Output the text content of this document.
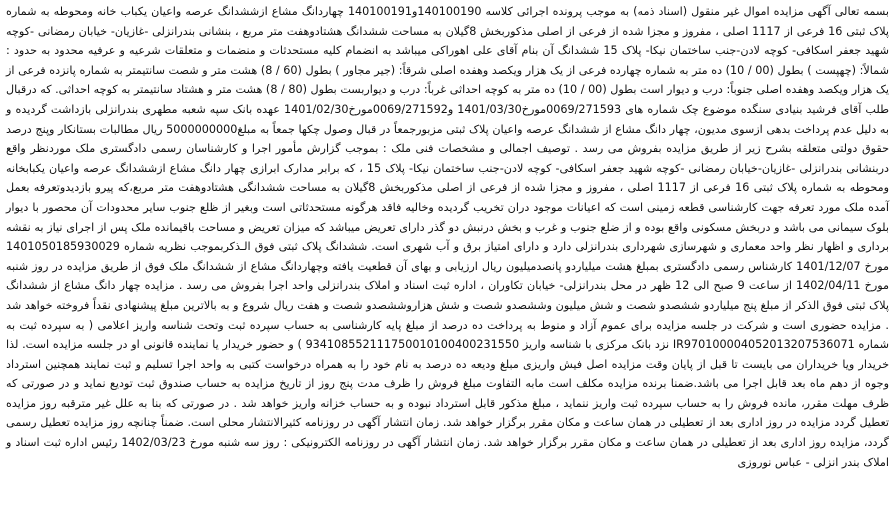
بسمه تعالی آگهی مزایده اموال غیر منقول (اسناد ذمه) به موجب پرونده اجرائی کلاسه 140100190و140100191 چهاردانگ مشاع ازششدانگ عرصه واعیان یکباب خانه ومحوطه به شماره پلاک ثبتی 16 فرعی از 1117 اصلی ، مفروز و مجزا شده از فرعی از اصلی مذکوربخش 8گیلان به مساحت ششدانگ هشتادوهفت متر مربع ، بنشانی بندرانزلی -غازیان- خیابان رمضانی -کوچه شهید جعفر اسکافی- کوچه لادن-جنب ساختمان نیکا- پلاک 15 ششدانگ آن بنام آقای علی اهوراکی میباشد به انضمام کلیه مستحدثات و منضمات و متعلقات شرعیه و عرفیه محدود به حدود : شمالاً: (چهپست ) بطول (00 / 10) ده متر به شماره چهارده فرعی از یک هزار ویکصد وهفده اصلی شرقاً: (جیر مجاور ) بطول (60 / 8) هشت متر و شصت سانتیمتر به شماره پانزده فرعی از یک هزار ویکصد وهفده اصلی جنوباً: درب و دیوار است بطول (00 / 10) ده متر به کوچه احداثی غرباً: درب و دیواربست بطول (80 / 8) هشت متر و هشتاد سانتیمتر به کوچه احداثی. که درقبال طلب آقای فرشید بنیادی سنگده موضوع چک شماره های 0069/271593مورخ1401/03/30 و0069/271592مورخ1401/02/30 عهده بانک سپه شعبه مطهری بندرانزلی بازداشت گردیده و به دلیل عدم پرداخت بدهی ازسوی مدیون، چهار دانگ مشاع از ششدانگ عرصه واعیان پلاک ثبتی مزبورجمعاً در قبال وصول چکها جمعاً به مبلغ5000000000 ریال مطالبات بستانکار وپنج درصد حقوق دولتی متعلقه بشرح زیر از طریق مزایده بفروش می رسد . توصیف اجمالی و مشخصات فنی ملک : بموجب گزارش مأمور اجرا و کارشناسان رسمی دادگستری ملک موردنظر واقع دربنشانی بندرانزلی -غازیان-خیابان رمضانی -کوچه شهید جعفر اسکافی- کوچه لادن-جنب ساختمان نیکا- پلاک 15 ، که برابر مدارک ابرازی چهار دانگ مشاع ازششدانگ عرصه واعیان یکبابخانه ومحوطه به شماره پلاک ثبتی 16 فرعی از 1117 اصلی ، مفروز و مجزا شده از فرعی از اصلی مذکوربخش 8گیلان به مساحت ششدانگی هشتادوهفت متر مربع،که پیرو بازدیدوتعرفه بعمل آمده ملک مورد تعرفه جهت کارشناسی قطعه زمینی است که اعیانات موجود دران تخریب گردیده وخالیه فاقد هرگونه مستحدثاتی است وبغیر از ظلع جنوب سایر محدودات آن محصور با دیوار بلوک سیمانی می باشد و دربخش مسکونی واقع بوده و از ضلع جنوب و غرب و بخش درنبش دو گذر دارای تعریض میباشد که میزان تعریض و مساحت باقیمانده ملک پس از اجرای نیاز به نقشه برداری و اظهار نظر واحد معماری و شهرسازی شهرداری بندرانزلی دارد و دارای امتیاز برق و آب شهری است. ششدانگ پلاک ثبتی فوق الـذکربموجب نظریه شماره 1401050185930029 مورخ 1401/12/07 کارشناس رسمی دادگستری بمبلغ هشت میلیاردو پانصدمیلیون ریال ارزیابی و بهای آن قطعیت یافته وچهاردانگ مشاع از ششدانگ ملک فوق از طریق مزایده در روز شنبه مورخ 1402/04/11 از ساعت 9 صبح الی 12 ظهر در محل بندرانزلی- خیابان تکاوران ، اداره ثبت اسناد و املاک بندرانزلی واحد اجرا بفروش می رسد . مزایده چهار دانگ مشاع از ششدانگ پلاک ثبتی فوق الذکر از مبلغ پنج میلیاردو ششصدو شصت و شش میلیون وششصدو شصت و شش هزاروششصدو شصت و هفت ریال شروع و به بالاترین مبلغ پیشنهادی نقداً فروخته خواهد شد . مزایده حضوری است و شرکت در جلسه مزایده برای عموم آزاد و منوط به پرداخت ده درصد از مبلغ پایه کارشناسی به حساب سپرده ثبت وتحت شناسه واریز اعلامی ( به سپرده ثبت به شماره IR970100004052013207536071 نزد بانک مرکزی با شناسه واریز 934108552111750010100400231550 ) و حضور خریدار یا نماینده قانونی او در جلسه مزایده است. لذا خریدار ویا خریداران می بایست تا قبل از پایان وقت مزایده اصل فیش واریزی مبلغ ودیعه ده درصد به نام خود را به همراه درخواست کتبی به واحد اجرا تسلیم و ثبت نمایند همچنین استرداد وجوه از دهم ماه بعد قابل اجرا می باشد.ضمنا برنده مزایده مکلف است مابه التفاوت مبلغ فروش را ظرف مدت پنج روز از تاریخ مزایده به حساب صندوق ثبت تودیع نماید و در صورتی که ظرف مهلت مقرر، مانده فروش را به حساب سپرده ثبت واریز ننماید ، مبلغ مذکور قابل استرداد نبوده و به حساب خزانه واریز خواهد شد . در صورتی که بنا به علل غیر مترقبه روز مزایده تعطیل گردد مزایده در روز اداری بعد از تعطیلی در همان ساعت و مکان مقرر برگزار خواهد شد. زمان انتشار آگهی در روزنامه کثیرالانتشار محلی است. ضمناً چنانچه روز مزایده تعطیل رسمی گردد، مزایده روز اداری بعد از تعطیلی در همان ساعت و مکان مقرر برگزار خواهد شد. زمان انتشار آگهی در روزنامه الکترونیکی : روز سه شنبه مورخ 1402/03/23 رئیس اداره ثبت اسناد و املاک بندر انزلی - عباس نوروزی
